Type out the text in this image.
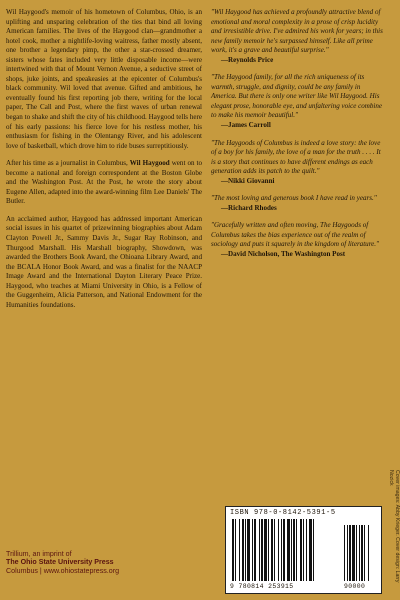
Wil Haygood's memoir of his hometown of Columbus, Ohio, is an uplifting and unsparing celebration of the ties that bind all loving American families. The lives of the Haygood clan—grandmother a hotel cook, mother a nightlife-loving waitress, father mostly absent, one brother a legendary pimp, the other a star-crossed dreamer, sisters whose fates included very little disposable income—were intertwined with that of Mount Vernon Avenue, a seductive street of shops, juke joints, and speakeasies at the epicenter of Columbus's black community. Wil loved that avenue. Gifted and ambitious, he eventually found his first reporting job there, writing for the local paper, The Call and Post, where the first waves of urban renewal began to shake and shift the city of his childhood. Haygood tells here of his early passions: his fierce love for his restless mother, his enthusiasm for fishing in the Olentangy River, and his adolescent love of basketball, which drove him to ride buses surreptitiously.

After his time as a journalist in Columbus, Wil Haygood went on to become a national and foreign correspondent at the Boston Globe and the Washington Post. At the Post, he wrote the story about Eugene Allen, adapted into the award-winning film Lee Daniels' The Butler.

An acclaimed author, Haygood has addressed important American social issues in his quartet of prizewinning biographies about Adam Clayton Powell Jr., Sammy Davis Jr., Sugar Ray Robinson, and Thurgood Marshall. His Marshall biography, Showdown, was awarded the Brothers Book Award, the Ohioana Library Award, and the BCALA Honor Book Award, and was a finalist for the NAACP Image Award and the International Dayton Literary Peace Prize. Haygood, who teaches at Miami University in Ohio, is a Fellow of the Guggenheim, Alicia Patterson, and National Endowment for the Humanities foundations.

"Wil Haygood has achieved a profoundly attractive blend of emotional and moral complexity in a prose of crisp lucidity and irresistible drive. I've admired his work for years; in this new family memoir he's surpassed himself. Like all prime work, it's a grave and beautiful surprise."
—Reynolds Price
"The Haygood family, for all the rich uniqueness of its warmth, struggle, and dignity, could be any family in America. But there is only one writer like Wil Haygood. His elegant prose, honorable eye, and unfaltering voice combine to make his memoir beautiful."
—James Carroll
"The Haygoods of Columbus is indeed a love story: the love of a boy for his family, the love of a man for the truth . . . . It is a story that continues to have different endings as each generation adds its patch to the quilt."
—Nikki Giovanni
"The most loving and generous book I have read in years."
—Richard Rhodes
"Gracefully written and often moving, The Haygoods of Columbus takes the bias experience out of the realm of sociology and puts it squarely in the kingdom of literature."
—David Nicholson, The Washington Post
Trillium, an imprint of
The Ohio State University Press
Columbus | www.ohiostatepress.org	Cover images: Abby Krieger. Cover design: Larry Nozick
ISBN 978-0-8142-5391-5
9 780814 253915	90000
